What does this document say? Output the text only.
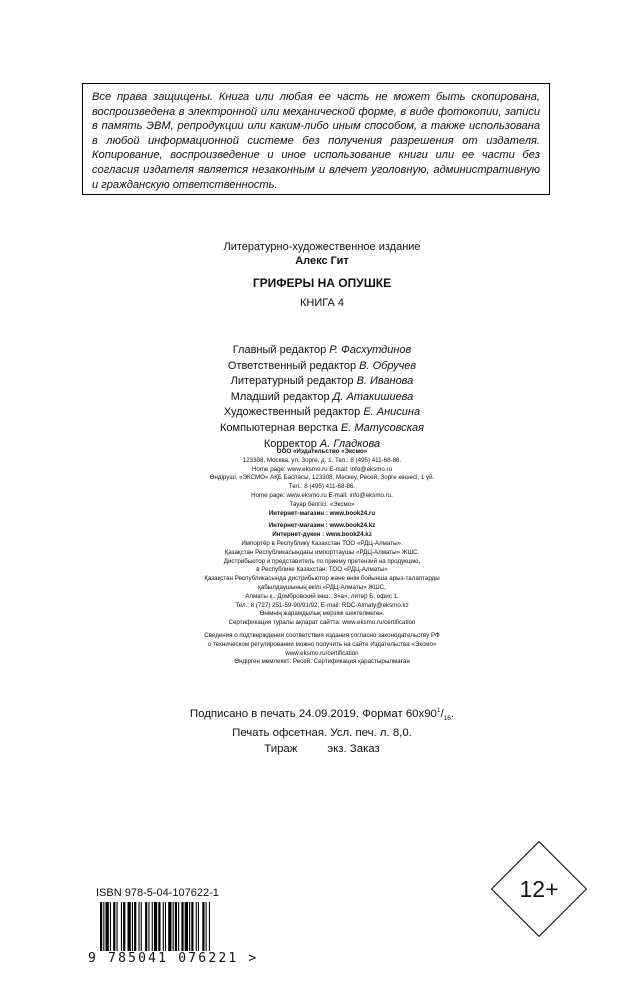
Все права защищены. Книга или любая ее часть не может быть скопирована, воспроизведена в электронной или механической форме, в виде фотокопии, записи в память ЭВМ, репродукции или каким-либо иным способом, а также использована в любой информационной системе без получения разрешения от издателя. Копирование, воспроизведение и иное использование книги или ее части без согласия издателя является незаконным и влечет уголовную, административную и гражданскую ответственность.

Литературно-художественное издание
Алекс Гит
ГРИФЕРЫ НА ОПУШКЕ
КНИГА 4
Главный редактор Р. Фасхутдинов
Ответственный редактор В. Обручев
Литературный редактор В. Иванова
Младший редактор Д. Атакишиева
Художественный редактор Е. Анисина
Компьютерная верстка Е. Матусовская
Корректор А. Гладкова
ООО «Издательство «Эксмо»
123308, Москва, ул. Зорге, д. 1. Тел.: 8 (495) 411-68-86.
Home page: www.eksmo.ru E-mail: info@eksmo.ru
Өндіруші: «ЭКСМО» АҚБ Баспасы, 123308, Мәскеу, Ресей, Зорге көшесі, 1 үй.
Тел.: 8 (495) 411-68-86.
Home page: www.eksmo.ru E-mail: info@eksmo.ru.
Тауар белгісі: «Эксмо»
Интернет-магазин : www.book24.ru
Интернет-магазин : www.book24.kz
Интернет-дүкен : www.book24.kz
Импортёр в Республику Казахстан ТОО «РДЦ-Алматы».
Қазақстан Республикасындағы импорттаушы «РДЦ-Алматы» ЖШС.
Дистрибьютор и представитель по приему претензий на продукцию,
в Республике Казахстан: ТОО «РДЦ-Алматы»
Қазақстан Республикасында дистрибьютор және өнім бойынша арыз-талаптарды
қабылдаушының өкілі «РДЦ-Алматы» ЖШС,
Алматы қ., Домбровский көш., 3«а», литер Б, офис 1.
Тел.: 8 (727) 251-59-90/91/92; E-mail: RDC-Almaty@eksmo.kz
Өнімнің жарамдылық мерзімі шектелмеген.
Сертификация туралы ақпарат сайтта: www.eksmo.ru/certification
Сведения о подтверждении соответствия издания согласно законодательству РФ
о техническом регулировании можно получить на сайте Издательства «Эксмо»
www.eksmo.ru/certification
Өндірген мемлекет: Ресей. Сертификация қарастырылмаған
Подписано в печать 24.09.2019. Формат $60x90^1/_{16}$.
Печать офсетная. Усл. печ. л. 8,0.
Тираж	экз. Заказ
ISBN 978-5-04-107622-1
9 785041 076221 >
12+
